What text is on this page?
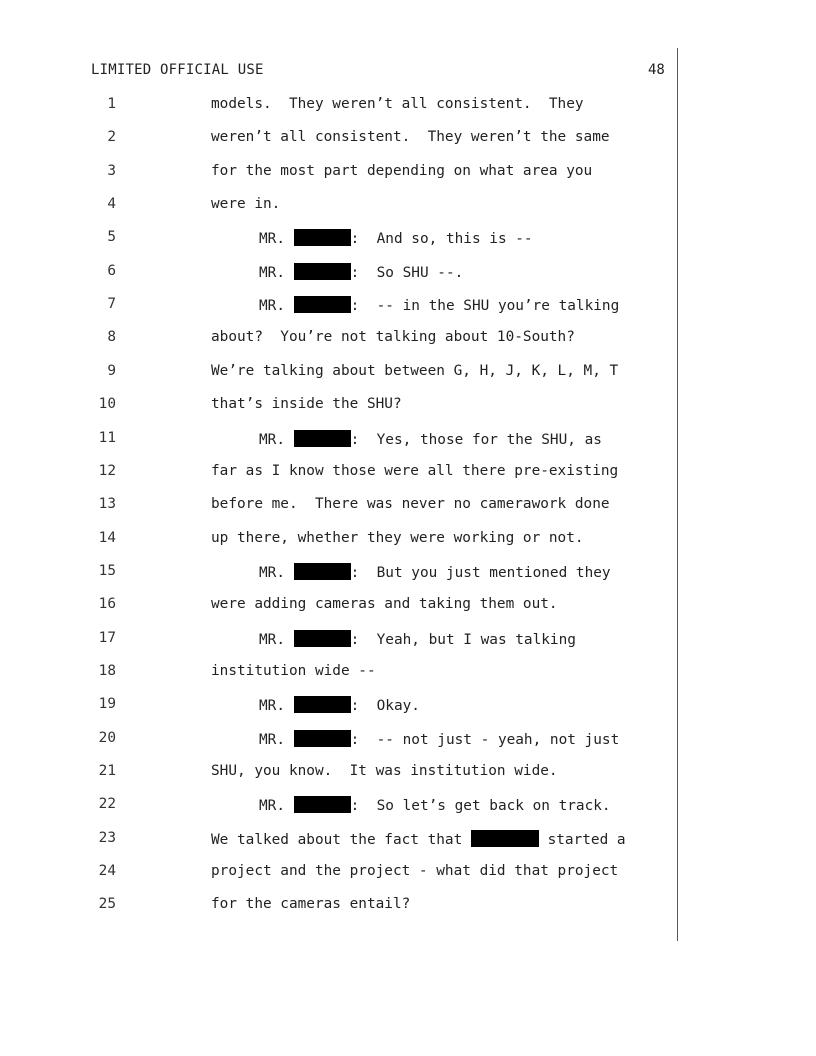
LIMITED OFFICIAL USE	48
1	models.  They weren’t all consistent.  They
2	weren’t all consistent.  They weren’t the same
3	for the most part depending on what area you
4	were in.
5	MR.	:  And so, this is --
6	MR.	:  So SHU --.
7	MR.	:  -- in the SHU you’re talking
8	about?  You’re not talking about 10-South?
9	We’re talking about between G, H, J, K, L, M, T
10	that’s inside the SHU?
11	MR.	:  Yes, those for the SHU, as
12	far as I know those were all there pre-existing
13	before me.  There was never no camerawork done
14	up there, whether they were working or not.
15	MR.	:  But you just mentioned they
16	were adding cameras and taking them out.
17	MR.	:  Yeah, but I was talking
18	institution wide --
19	MR.	:  Okay.
20	MR.	:  -- not just - yeah, not just
21	SHU, you know.  It was institution wide.
22	MR.	:  So let’s get back on track.
23	We talked about the fact that	started a
24	project and the project - what did that project
25	for the cameras entail?
